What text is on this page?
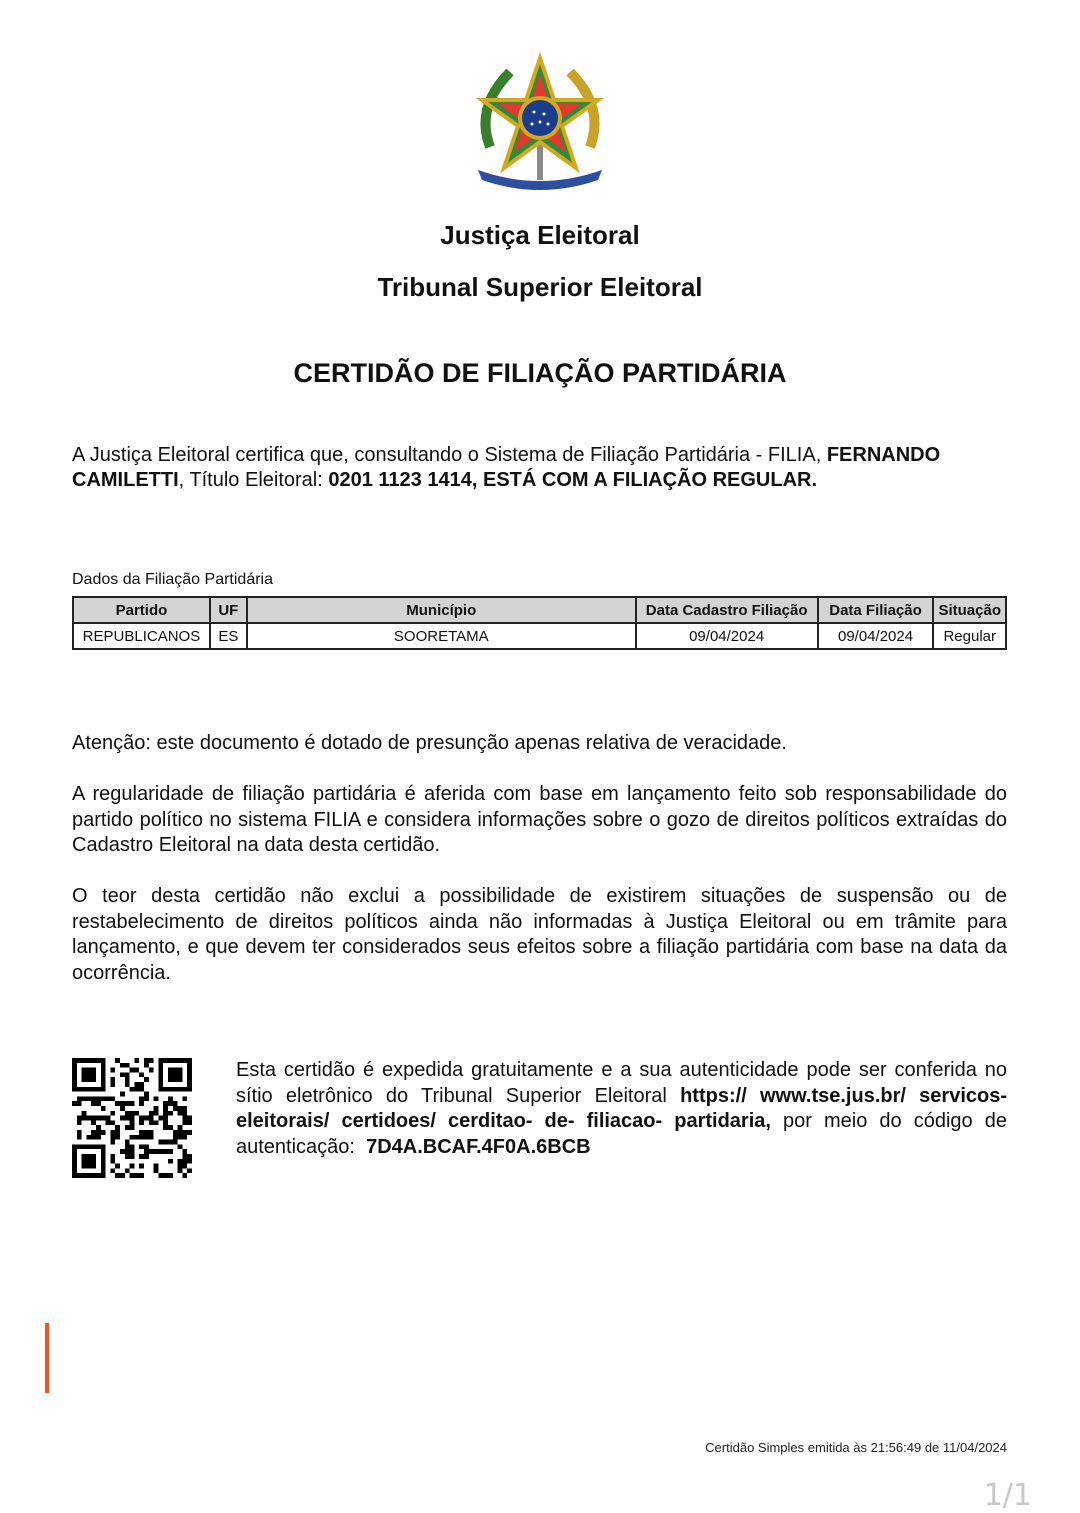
Justiça Eleitoral
Tribunal Superior Eleitoral
CERTIDÃO DE FILIAÇÃO PARTIDÁRIA
A Justiça Eleitoral certifica que, consultando o Sistema de Filiação Partidária - FILIA, FERNANDO CAMILETTI, Título Eleitoral: 0201 1123 1414, ESTÁ COM A FILIAÇÃO REGULAR.
Dados da Filiação Partidária
Partido	UF	Município	Data Cadastro Filiação	Data Filiação	Situação
REPUBLICANOS	ES	SOORETAMA	09/04/2024	09/04/2024	Regular
Atenção: este documento é dotado de presunção apenas relativa de veracidade.
A regularidade de filiação partidária é aferida com base em lançamento feito sob responsabilidade do partido político no sistema FILIA e considera informações sobre o gozo de direitos políticos extraídas do Cadastro Eleitoral na data desta certidão.
O teor desta certidão não exclui a possibilidade de existirem situações de suspensão ou de restabelecimento de direitos políticos ainda não informadas à Justiça Eleitoral ou em trâmite para lançamento, e que devem ter considerados seus efeitos sobre a filiação partidária com base na data da ocorrência.
Esta certidão é expedida gratuitamente e a sua autenticidade pode ser conferida no sítio eletrônico do Tribunal Superior Eleitoral https:// www.tse.jus.br/ servicos- eleitorais/ certidoes/ cerditao- de- filiacao- partidaria, por meio do código de autenticação: 7D4A.BCAF.4F0A.6BCB
Certidão Simples emitida às 21:56:49 de 11/04/2024
1/1
